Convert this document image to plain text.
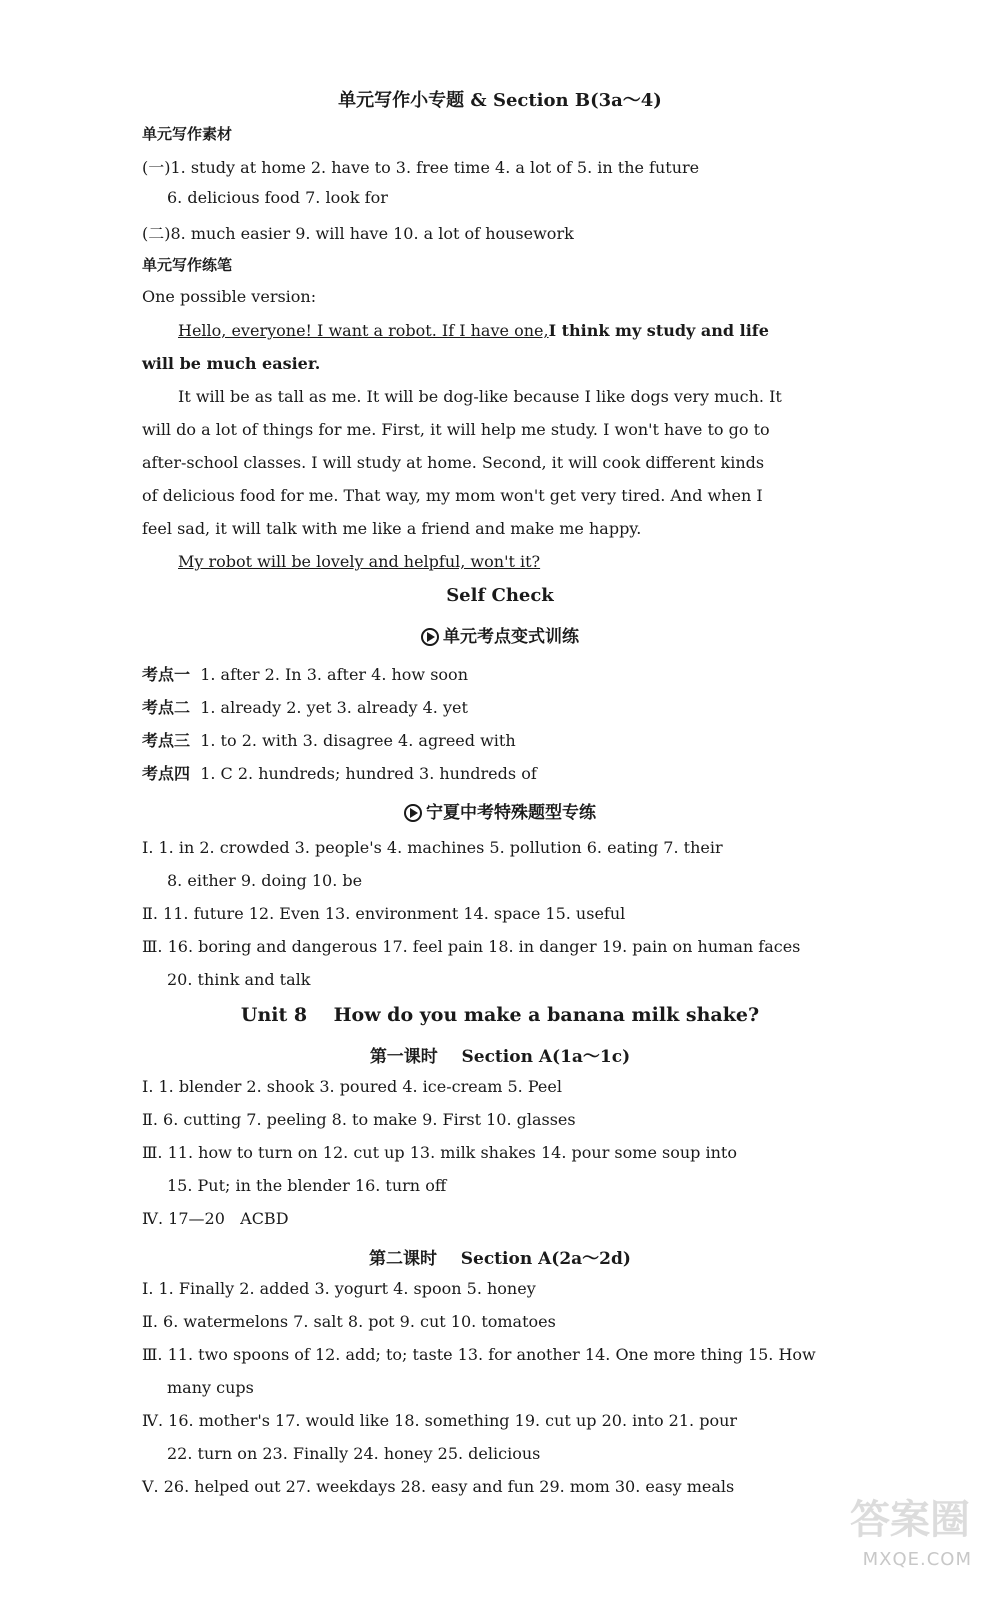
单元写作小专题 & Section B(3a～4)
单元写作素材
(一)1. study at home 2. have to 3. free time 4. a lot of 5. in the future
6. delicious food 7. look for
(二)8. much easier 9. will have 10. a lot of housework
单元写作练笔
One possible version:
Hello, everyone! I want a robot. If I have one,I think my study and life will be much easier.
It will be as tall as me. It will be dog-like because I like dogs very much. It will do a lot of things for me. First, it will help me study. I won't have to go to after-school classes. I will study at home. Second, it will cook different kinds of delicious food for me. That way, my mom won't get very tired. And when I feel sad, it will talk with me like a friend and make me happy.
My robot will be lovely and helpful, won't it?
Self Check
单元考点变式训练
考点一 1. after 2. In 3. after 4. how soon
考点二 1. already 2. yet 3. already 4. yet
考点三 1. to 2. with 3. disagree 4. agreed with
考点四 1. C 2. hundreds; hundred 3. hundreds of
宁夏中考特殊题型专练
Ⅰ. 1. in 2. crowded 3. people's 4. machines 5. pollution 6. eating 7. their
8. either 9. doing 10. be
Ⅱ. 11. future 12. Even 13. environment 14. space 15. useful
Ⅲ. 16. boring and dangerous 17. feel pain 18. in danger 19. pain on human faces
20. think and talk
Unit 8    How do you make a banana milk shake?
第一课时    Section A(1a～1c)
Ⅰ. 1. blender 2. shook 3. poured 4. ice-cream 5. Peel
Ⅱ. 6. cutting 7. peeling 8. to make 9. First 10. glasses
Ⅲ. 11. how to turn on 12. cut up 13. milk shakes 14. pour some soup into
15. Put; in the blender 16. turn off
Ⅳ. 17—20   ACBD
第二课时    Section A(2a～2d)
Ⅰ. 1. Finally 2. added 3. yogurt 4. spoon 5. honey
Ⅱ. 6. watermelons 7. salt 8. pot 9. cut 10. tomatoes
Ⅲ. 11. two spoons of 12. add; to; taste 13. for another 14. One more thing 15. How
many cups
Ⅳ. 16. mother's 17. would like 18. something 19. cut up 20. into 21. pour
22. turn on 23. Finally 24. honey 25. delicious
Ⅴ. 26. helped out 27. weekdays 28. easy and fun 29. mom 30. easy meals
答案圈
MXQE.COM
